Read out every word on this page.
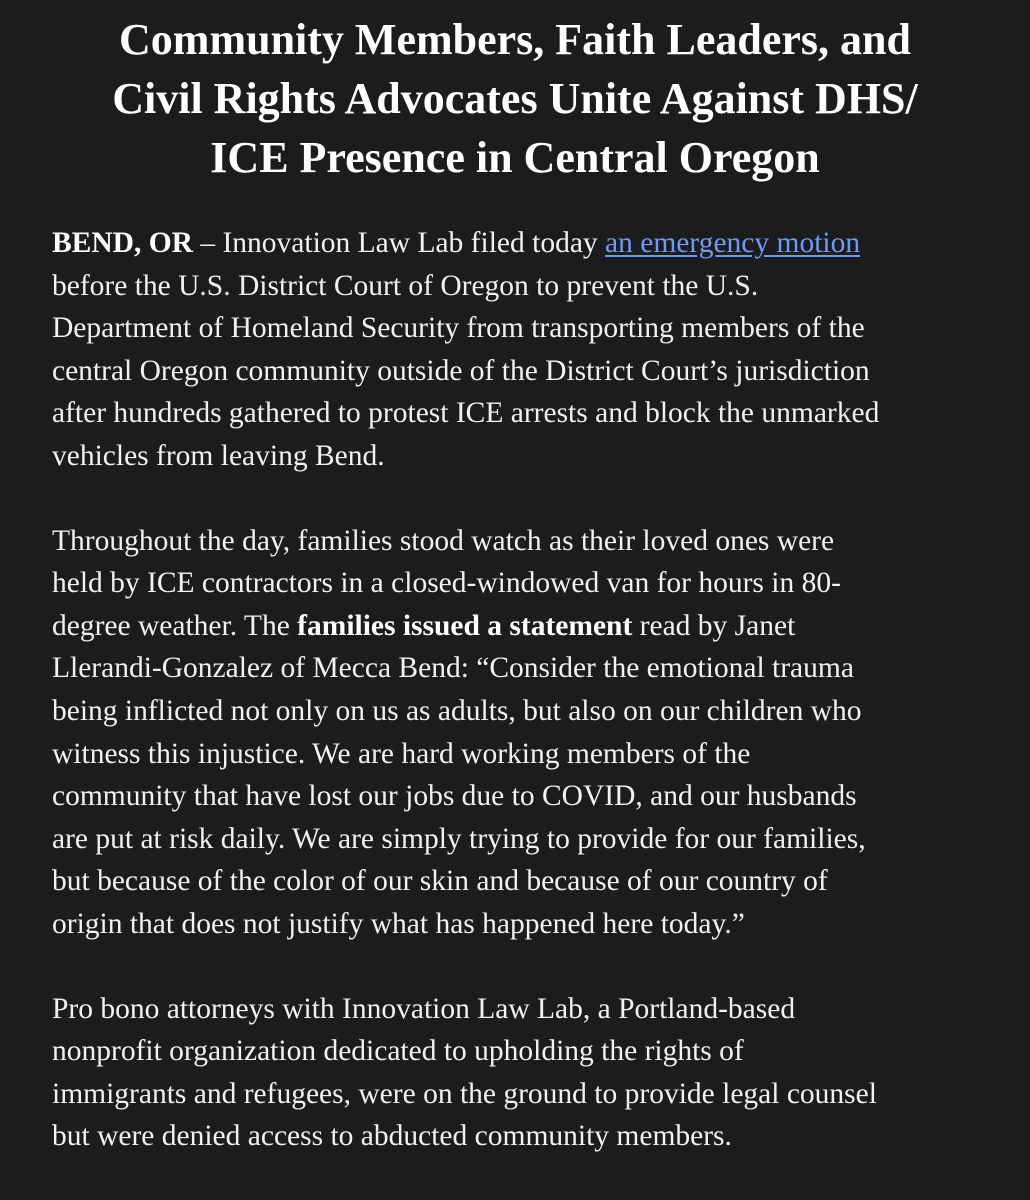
Community Members, Faith Leaders, and
Civil Rights Advocates Unite Against DHS/
ICE Presence in Central Oregon

BEND, OR – Innovation Law Lab filed today an emergency motion
before the U.S. District Court of Oregon to prevent the U.S.
Department of Homeland Security from transporting members of the
central Oregon community outside of the District Court’s jurisdiction
after hundreds gathered to protest ICE arrests and block the unmarked
vehicles from leaving Bend.

Throughout the day, families stood watch as their loved ones were
held by ICE contractors in a closed-windowed van for hours in 80-
degree weather. The families issued a statement read by Janet
Llerandi-Gonzalez of Mecca Bend: “Consider the emotional trauma
being inflicted not only on us as adults, but also on our children who
witness this injustice. We are hard working members of the
community that have lost our jobs due to COVID, and our husbands
are put at risk daily. We are simply trying to provide for our families,
but because of the color of our skin and because of our country of
origin that does not justify what has happened here today.”

Pro bono attorneys with Innovation Law Lab, a Portland-based
nonprofit organization dedicated to upholding the rights of
immigrants and refugees, were on the ground to provide legal counsel
but were denied access to abducted community members.
